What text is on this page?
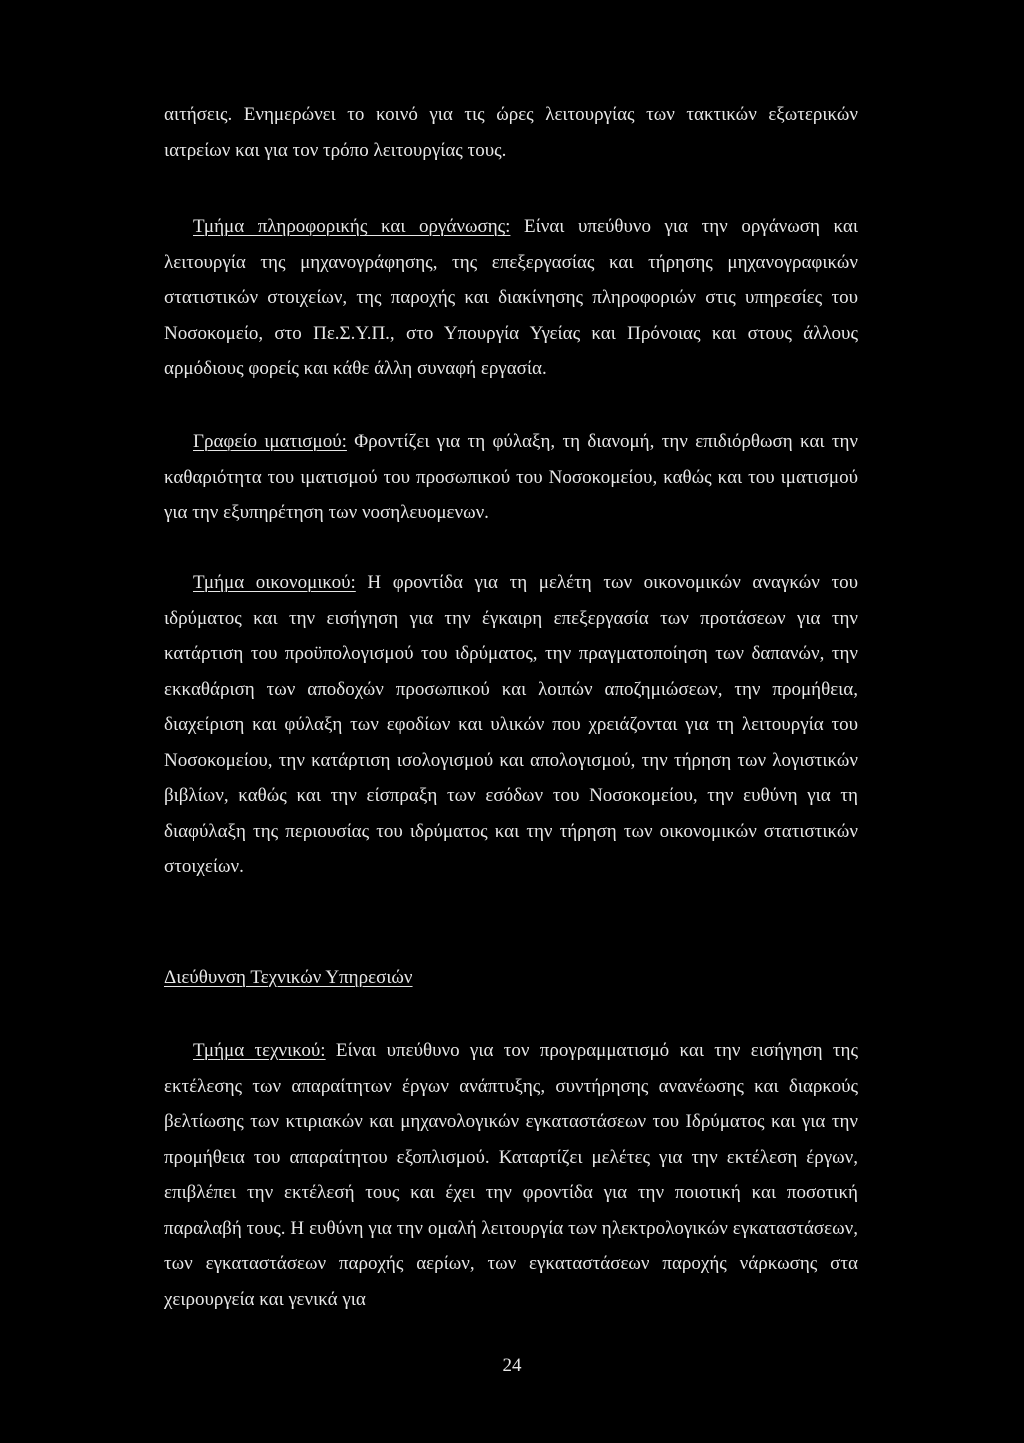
αιτήσεις. Ενημερώνει το κοινό για τις ώρες λειτουργίας των τακτικών εξωτερικών ιατρείων και για τον τρόπο λειτουργίας τους.

Τμήμα πληροφορικής και οργάνωσης: Είναι υπεύθυνο για την οργάνωση και λειτουργία της μηχανογράφησης, της επεξεργασίας και τήρησης μηχανογραφικών στατιστικών στοιχείων, της παροχής και διακίνησης πληροφοριών στις υπηρεσίες του Νοσοκομείο, στο Πε.Σ.Υ.Π., στο Υπουργία Υγείας και Πρόνοιας και στους άλλους αρμόδιους φορείς και κάθε άλλη συναφή εργασία.

Γραφείο ιματισμού: Φροντίζει για τη φύλαξη, τη διανομή, την επιδιόρθωση και την καθαριότητα του ιματισμού του προσωπικού του Νοσοκομείου, καθώς και του ιματισμού για την εξυπηρέτηση των νοσηλευομενων.

Τμήμα οικονομικού: Η φροντίδα για τη μελέτη των οικονομικών αναγκών του ιδρύματος και την εισήγηση για την έγκαιρη επεξεργασία των προτάσεων για την κατάρτιση του προϋπολογισμού του ιδρύματος, την πραγματοποίηση των δαπανών, την εκκαθάριση των αποδοχών προσωπικού και λοιπών αποζημιώσεων, την προμήθεια, διαχείριση και φύλαξη των εφοδίων και υλικών που χρειάζονται για τη λειτουργία του Νοσοκομείου, την κατάρτιση ισολογισμού και απολογισμού, την τήρηση των λογιστικών βιβλίων, καθώς και την είσπραξη των εσόδων του Νοσοκομείου, την ευθύνη για τη διαφύλαξη της περιουσίας του ιδρύματος και την τήρηση των οικονομικών στατιστικών στοιχείων.

Διεύθυνση Τεχνικών Υπηρεσιών

Τμήμα τεχνικού: Είναι υπεύθυνο για τον προγραμματισμό και την εισήγηση της εκτέλεσης των απαραίτητων έργων ανάπτυξης, συντήρησης ανανέωσης και διαρκούς βελτίωσης των κτιριακών και μηχανολογικών εγκαταστάσεων του Ιδρύματος και για την προμήθεια του απαραίτητου εξοπλισμού. Καταρτίζει μελέτες για την εκτέλεση έργων, επιβλέπει την εκτέλεσή τους και έχει την φροντίδα για την ποιοτική και ποσοτική παραλαβή τους. Η ευθύνη για την ομαλή λειτουργία των ηλεκτρολογικών εγκαταστάσεων, των εγκαταστάσεων παροχής αερίων, των εγκαταστάσεων παροχής νάρκωσης στα χειρουργεία και γενικά για

24
